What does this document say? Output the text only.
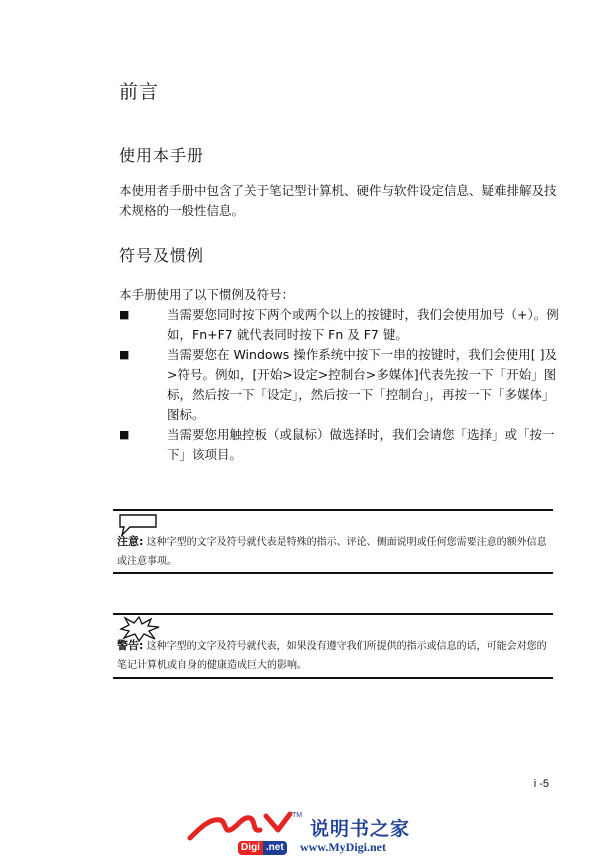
前言
使用本手册
本使用者手册中包含了关于笔记型计算机、硬件与软件设定信息、疑难排解及技术规格的一般性信息。
符号及惯例
本手册使用了以下惯例及符号：
■	当需要您同时按下两个或两个以上的按键时，我们会使用加号（+）。例如，Fn+F7 就代表同时按下 Fn 及 F7 键。
■	当需要您在 Windows 操作系统中按下一串的按键时，我们会使用[ ]及>符号。例如，[开始>设定>控制台>多媒体]代表先按一下「开始」图标，然后按一下「设定」，然后按一下「控制台」，再按一下「多媒体」图标。
■	当需要您用触控板（或鼠标）做选择时，我们会请您「选择」或「按一下」该项目。
注意: 这种字型的文字及符号就代表是特殊的指示、评论、侧面说明或任何您需要注意的额外信息或注意事项。
警告: 这种字型的文字及符号就代表，如果没有遵守我们所提供的指示或信息的话，可能会对您的笔记计算机或自身的健康造成巨大的影响。
i -5
TM
Digi .net
说明书之家
www.MyDigi.net
